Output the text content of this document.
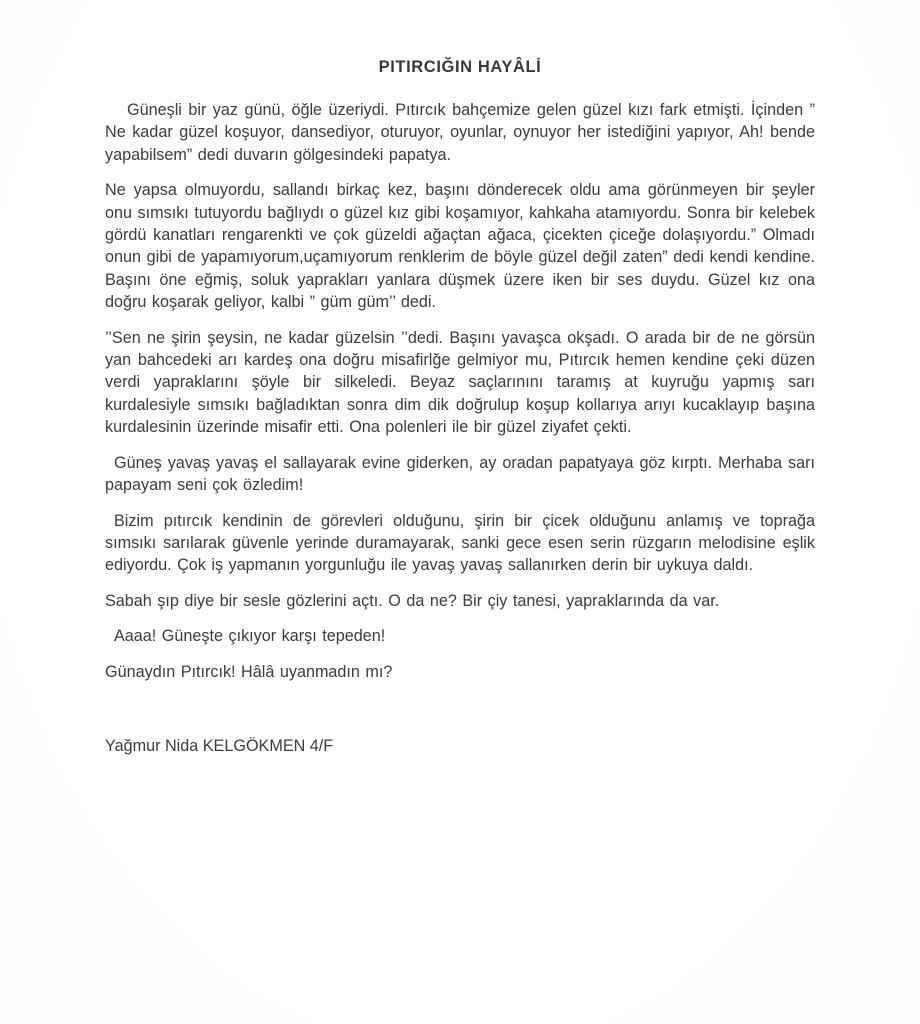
PITIRCIĞIN HAYÂLİ

Güneşli bir yaz günü, öğle üzeriydi. Pıtırcık bahçemize gelen güzel kızı fark etmişti. İçinden ” Ne kadar güzel koşuyor, dansediyor, oturuyor, oyunlar, oynuyor her istediğini yapıyor, Ah! bende yapabilsem” dedi duvarın gölgesindeki papatya.

Ne yapsa olmuyordu, sallandı birkaç kez, başını dönderecek oldu ama görünmeyen bir şeyler onu sımsıkı tutuyordu bağlıydı o güzel kız gibi koşamıyor, kahkaha atamıyordu. Sonra bir kelebek gördü kanatları rengarenkti ve çok güzeldi ağaçtan ağaca, çicekten çiceğe dolaşıyordu.” Olmadı onun gibi de yapamıyorum,uçamıyorum renklerim de böyle güzel değil zaten” dedi kendi kendine. Başını öne eğmiş, soluk yaprakları yanlara düşmek üzere iken bir ses duydu. Güzel kız ona doğru koşarak geliyor, kalbi ” güm güm’’ dedi.

’’Sen ne şirin şeysin, ne kadar güzelsin ’’dedi. Başını yavaşca okşadı. O arada bir de ne görsün yan bahcedeki arı kardeş ona doğru misafirlğe gelmiyor mu, Pıtırcık hemen kendine çeki düzen verdi yapraklarını şöyle bir silkeledi. Beyaz saçlarınını taramış at kuyruğu yapmış sarı kurdalesiyle sımsıkı bağladıktan sonra dim dik doğrulup koşup kollarıya arıyı kucaklayıp başına kurdalesinin üzerinde misafir etti. Ona polenleri ile bir güzel ziyafet çekti.

Güneş yavaş yavaş el sallayarak evine giderken, ay oradan papatyaya göz kırptı. Merhaba sarı papayam seni çok özledim!

Bizim pıtırcık kendinin de görevleri olduğunu, şirin bir çicek olduğunu anlamış ve toprağa sımsıkı sarılarak güvenle yerinde duramayarak, sanki gece esen serin rüzgarın melodisine eşlik ediyordu. Çok iş yapmanın yorgunluğu ile yavaş yavaş sallanırken derin bir uykuya daldı.

Sabah şıp diye bir sesle gözlerini açtı. O da ne? Bir çiy tanesi, yapraklarında da var.

Aaaa! Güneşte çıkıyor karşı tepeden!

Günaydın Pıtırcık! Hâlâ uyanmadın mı?

Yağmur Nida KELGÖKMEN 4/F
